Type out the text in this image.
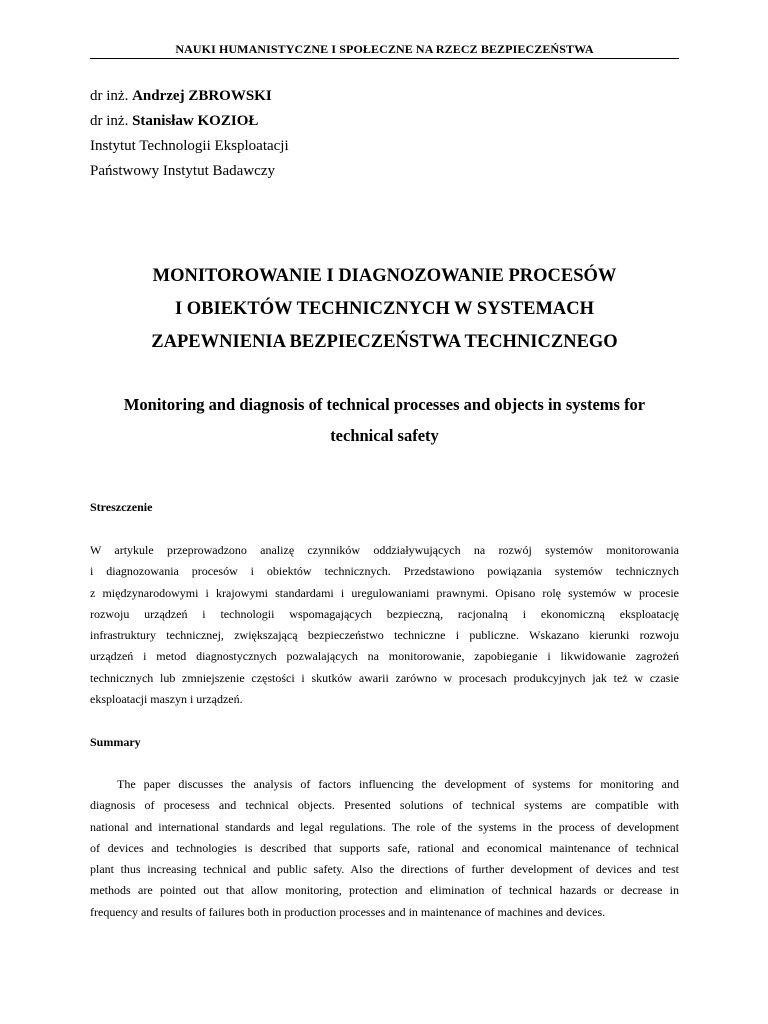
NAUKI HUMANISTYCZNE I SPOŁECZNE NA RZECZ BEZPIECZEŃSTWA
dr inż. Andrzej ZBROWSKI
dr inż. Stanisław KOZIOŁ
Instytut Technologii Eksploatacji
Państwowy Instytut Badawczy
MONITOROWANIE I DIAGNOZOWANIE PROCESÓW
I OBIEKTÓW TECHNICZNYCH W SYSTEMACH
ZAPEWNIENIA BEZPIECZEŃSTWA TECHNICZNEGO
Monitoring and diagnosis of technical processes and objects in systems for
technical safety
Streszczenie
W artykule przeprowadzono analizę czynników oddziaływujących na rozwój systemów monitorowania
i diagnozowania procesów i obiektów technicznych. Przedstawiono powiązania systemów technicznych
z międzynarodowymi i krajowymi standardami i uregulowaniami prawnymi. Opisano rolę systemów w procesie
rozwoju urządzeń i technologii wspomagających bezpieczną, racjonalną i ekonomiczną eksploatację
infrastruktury technicznej, zwiększającą bezpieczeństwo techniczne i publiczne. Wskazano kierunki rozwoju
urządzeń i metod diagnostycznych pozwalających na monitorowanie, zapobieganie i likwidowanie zagrożeń
technicznych lub zmniejszenie częstości i skutków awarii zarówno w procesach produkcyjnych jak też w czasie
eksploatacji maszyn i urządzeń.
Summary
The paper discusses the analysis of factors influencing the development of systems for monitoring and
diagnosis of procesess and technical objects. Presented solutions of technical systems are compatible with
national and international standards and legal regulations. The role of the systems in the process of development
of devices and technologies is described that supports safe, rational and economical maintenance of technical
plant thus increasing technical and public safety. Also the directions of further development of devices and test
methods are pointed out that allow monitoring, protection and elimination of technical hazards or decrease in
frequency and results of failures both in production processes and in maintenance of machines and devices.
